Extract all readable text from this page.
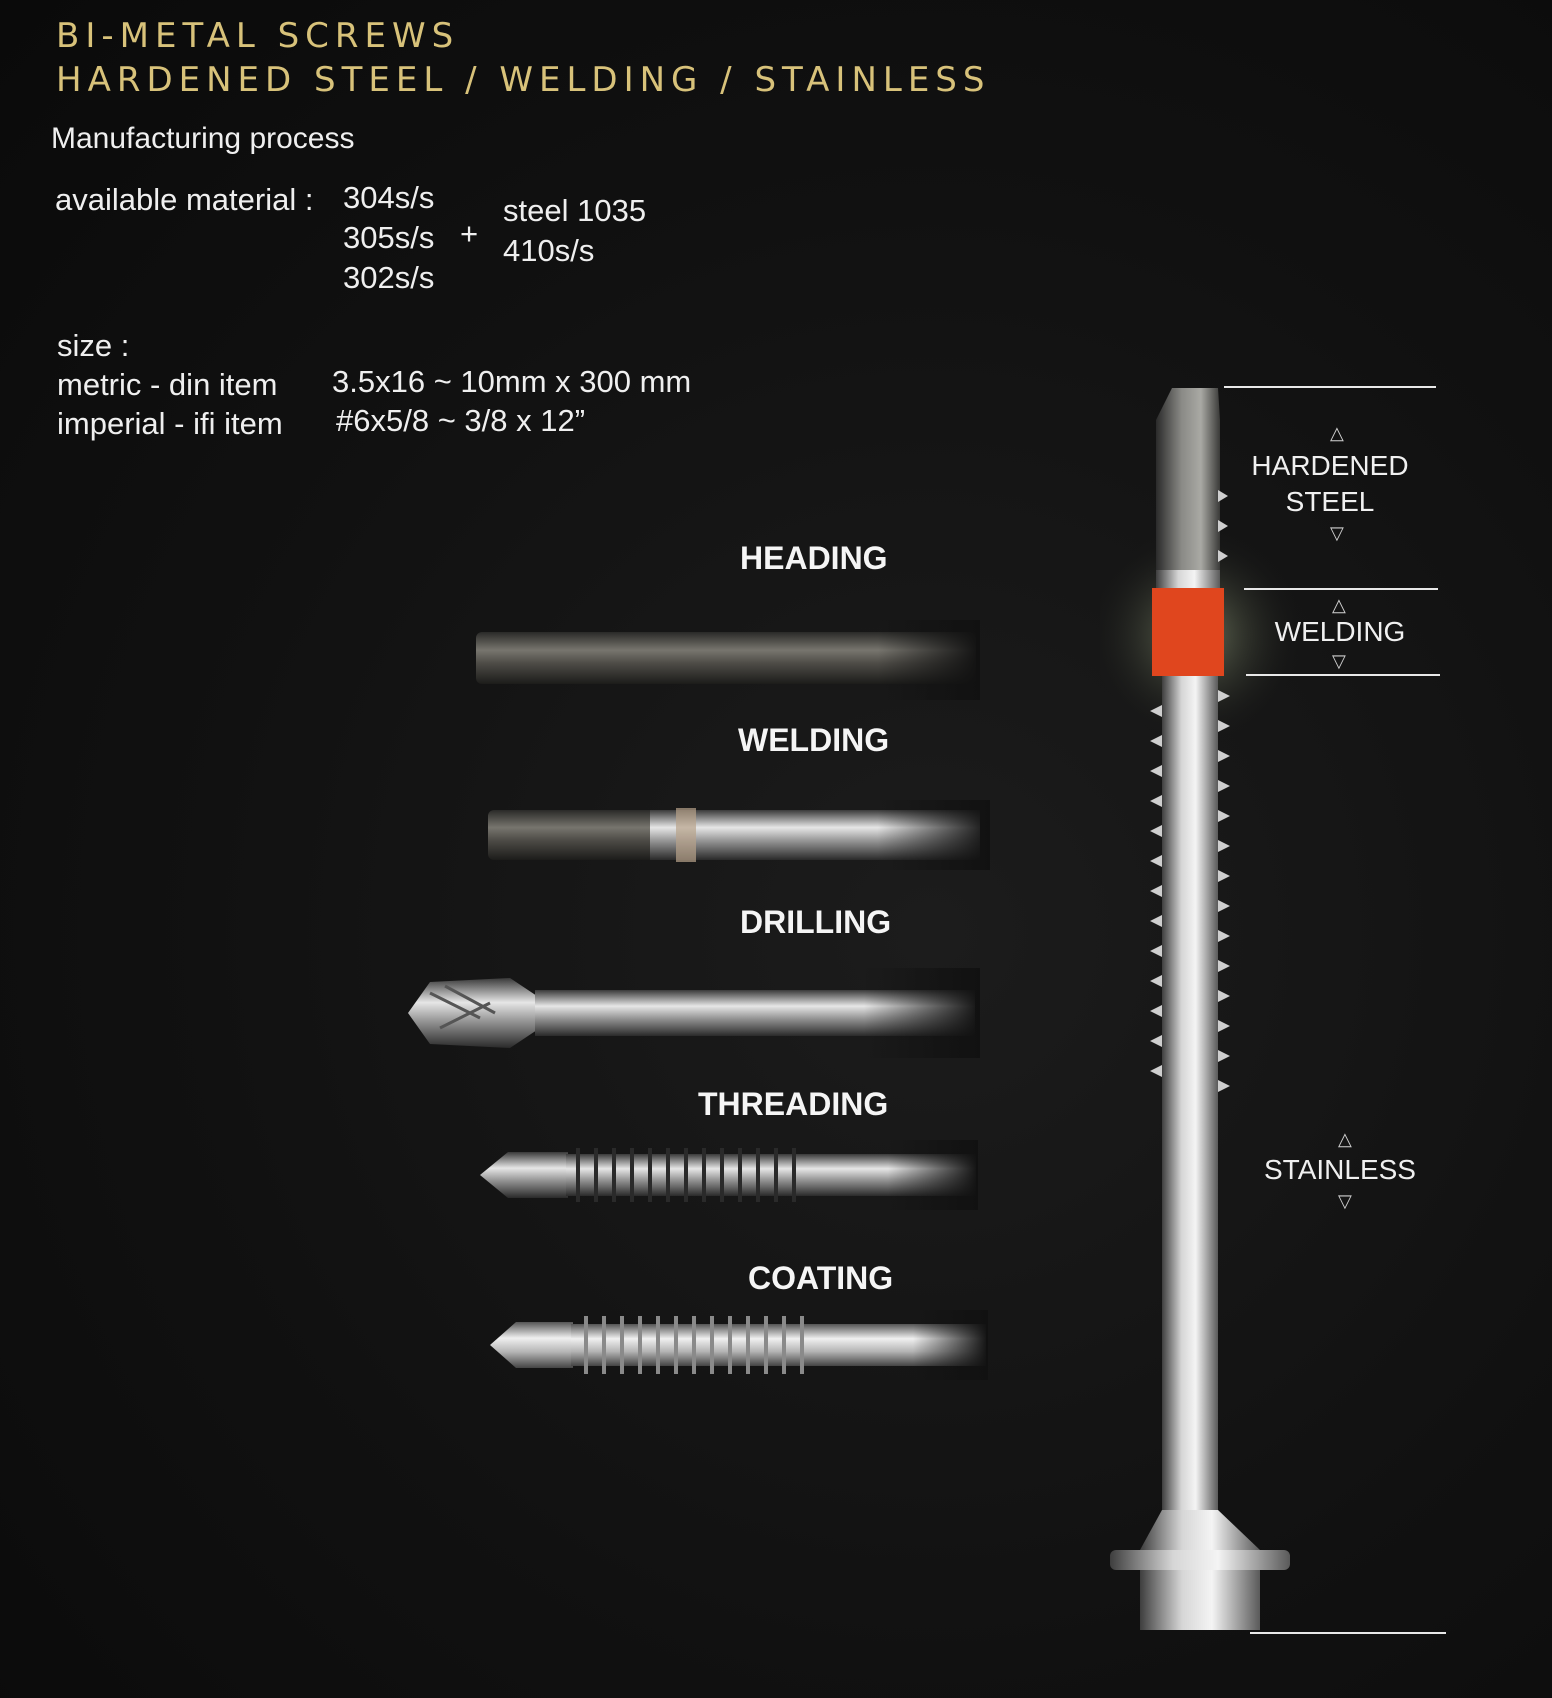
BI-METAL SCREWS
HARDENED STEEL / WELDING / STAINLESS
Manufacturing process
available material : 304s/s
305s/s
302s/s
+
steel 1035
410s/s
size :
metric - din item 3.5x16 ~ 10mm x 300 mm
imperial - ifi item #6x5/8 ~ 3/8 x 12”
HEADING
WELDING
DRILLING
THREADING
COATING
△
HARDENED
STEEL
▽
△
WELDING
▽
△
STAINLESS
▽
